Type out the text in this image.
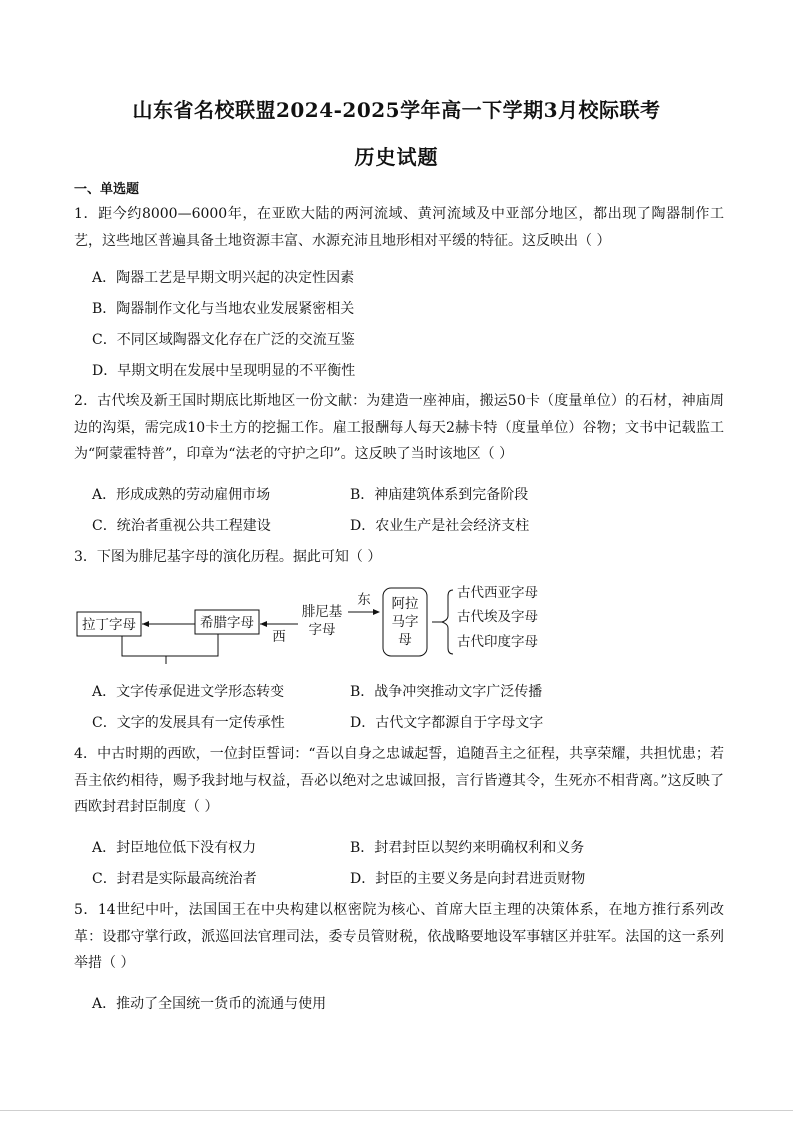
山东省名校联盟2024-2025学年高一下学期3月校际联考
历史试题
一、单选题
1．距今约8000—6000年，在亚欧大陆的两河流域、黄河流域及中亚部分地区，都出现了陶器制作工艺，这些地区普遍具备土地资源丰富、水源充沛且地形相对平缓的特征。这反映出（ ）
A．陶器工艺是早期文明兴起的决定性因素
B．陶器制作文化与当地农业发展紧密相关
C．不同区域陶器文化存在广泛的交流互鉴
D．早期文明在发展中呈现明显的不平衡性
2．古代埃及新王国时期底比斯地区一份文献：为建造一座神庙，搬运50卡（度量单位）的石材，神庙周边的沟渠，需完成10卡土方的挖掘工作。雇工报酬每人每天2赫卡特（度量单位）谷物；文书中记载监工为“阿蒙霍特普”，印章为“法老的守护之印”。这反映了当时该地区（ ）
A．形成成熟的劳动雇佣市场	B．神庙建筑体系到完备阶段
C．统治者重视公共工程建设	D．农业生产是社会经济支柱
3．下图为腓尼基字母的演化历程。据此可知（ ）
拉丁字母	希腊字母
西
腓尼基
字母
东 阿拉
马字
母
古代西亚字母
古代埃及字母
古代印度字母
A．文字传承促进文学形态转变	B．战争冲突推动文字广泛传播
C．文字的发展具有一定传承性	D．古代文字都源自于字母文字
4．中古时期的西欧，一位封臣誓词：“吾以自身之忠诚起誓，追随吾主之征程，共享荣耀，共担忧患；若吾主依约相待，赐予我封地与权益，吾必以绝对之忠诚回报，言行皆遵其令，生死亦不相背离。”这反映了西欧封君封臣制度（ ）
A．封臣地位低下没有权力	B．封君封臣以契约来明确权利和义务
C．封君是实际最高统治者	D．封臣的主要义务是向封君进贡财物
5．14世纪中叶，法国国王在中央构建以枢密院为核心、首席大臣主理的决策体系，在地方推行系列改革：设郡守掌行政，派巡回法官理司法，委专员管财税，依战略要地设军事辖区并驻军。法国的这一系列举措（ ）
A．推动了全国统一货币的流通与使用
